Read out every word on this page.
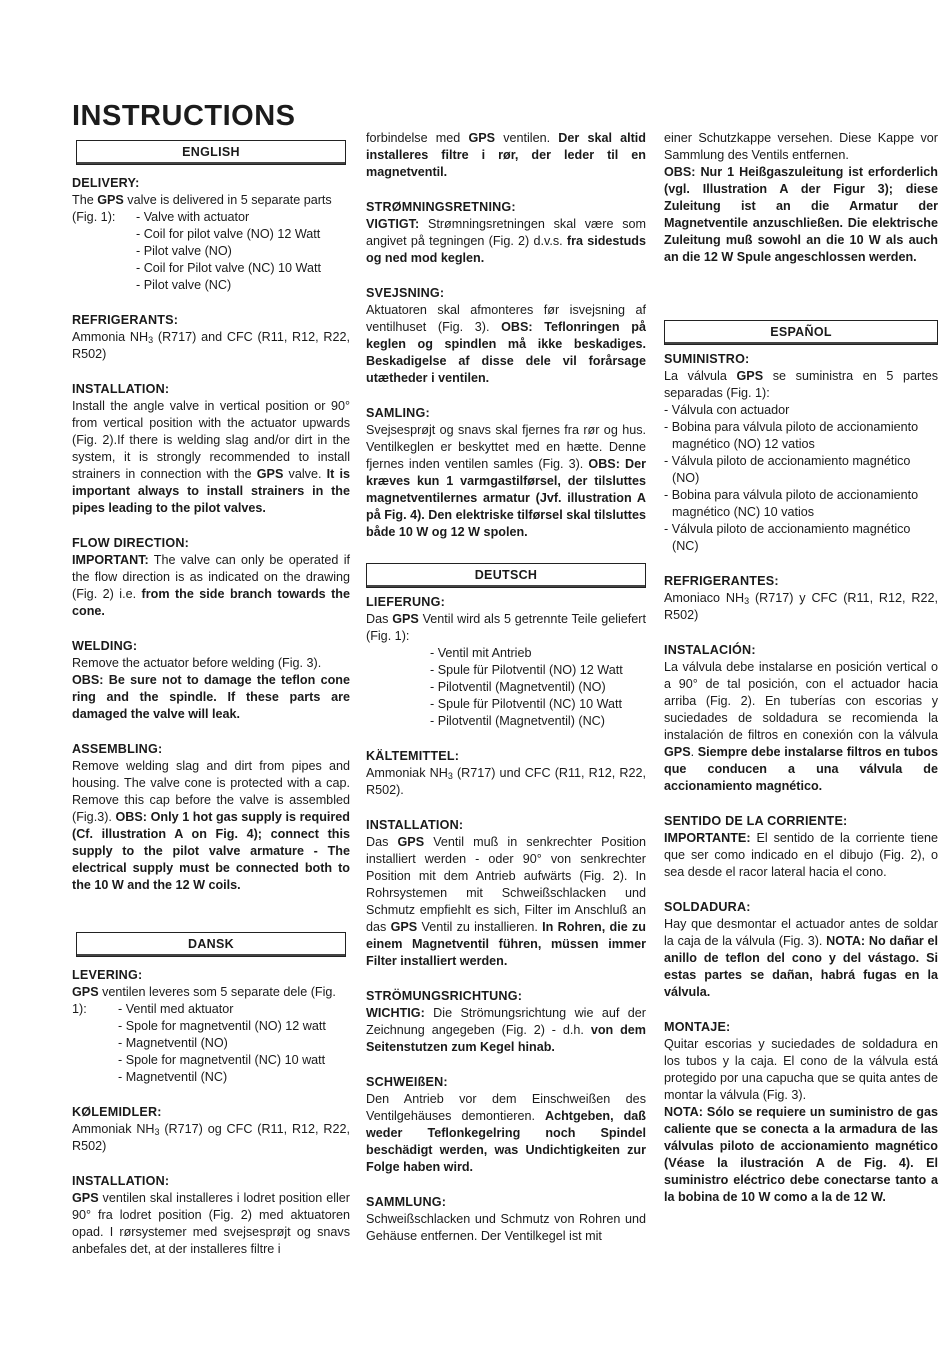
INSTRUCTIONS
ENGLISH

DELIVERY:

The GPS valve is delivered in 5 separate parts

(Fig. 1):	- Valve with actuator
- Coil for pilot valve (NO) 12 Watt
- Pilot valve (NO)
- Coil for Pilot valve (NC) 10 Watt
- Pilot valve (NC)

REFRIGERANTS:

Ammonia $NH_3$ (R717) and CFC (R11, R12, R22, R502)

INSTALLATION:

Install the angle valve in vertical position or 90° from vertical position with the actuator upwards (Fig. 2).If there is welding slag and/or dirt in the system, it is strongly recommended to install strainers in connection with the GPS valve. It is important always to install strainers in the pipes leading to the pilot valves.

FLOW DIRECTION:

IMPORTANT: The valve can only be operated if the flow direction is as indicated on the drawing (Fig. 2) i.e. from the side branch towards the cone.

WELDING:

Remove the actuator before welding (Fig. 3).

OBS: Be sure not to damage the teflon cone ring and the spindle. If these parts are damaged the valve will leak.

ASSEMBLING:

Remove welding slag and dirt from pipes and housing. The valve cone is protected with a cap. Remove this cap before the valve is assembled (Fig.3). OBS: Only 1 hot gas supply is required (Cf. illustration A on Fig. 4); connect this supply to the pilot valve armature - The electrical supply must be connected both to the 10 W and the 12 W coils.

DANSK

LEVERING:

GPS ventilen leveres som 5 separate dele (Fig.

1):	- Ventil med aktuator
- Spole for magnetventil (NO) 12 watt
- Magnetventil (NO)
- Spole for magnetventil (NC) 10 watt
- Magnetventil (NC)

KØLEMIDLER:

Ammoniak $NH_3$ (R717) og CFC (R11, R12, R22, R502)

INSTALLATION:

GPS ventilen skal installeres i lodret position eller 90° fra lodret position (Fig. 2) med aktuatoren opad. I rørsystemer med svejsesprøjt og snavs anbefales det, at der installeres filtre i

forbindelse med GPS ventilen. Der skal altid installeres filtre i rør, der leder til en magnetventil.

STRØMNINGSRETNING:

VIGTIGT: Strømningsretningen skal være som angivet på tegningen (Fig. 2) d.v.s. fra sidestuds og ned mod keglen.

SVEJSNING:

Aktuatoren skal afmonteres før isvejsning af ventilhuset (Fig. 3). OBS: Teflonringen på keglen og spindlen må ikke beskadiges. Beskadigelse af disse dele vil forårsage utætheder i ventilen.

SAMLING:

Svejsesprøjt og snavs skal fjernes fra rør og hus. Ventilkeglen er beskyttet med en hætte. Denne fjernes inden ventilen samles (Fig. 3). OBS: Der kræves kun 1 varmgastilførsel, der tilsluttes magnetventilernes armatur (Jvf. illustration A på Fig. 4). Den elektriske tilførsel skal tilsluttes både 10 W og 12 W spolen.

DEUTSCH

LIEFERUNG:

Das GPS Ventil wird als 5 getrennte Teile geliefert (Fig. 1):

- Ventil mit Antrieb
- Spule für Pilotventil (NO) 12 Watt
- Pilotventil (Magnetventil) (NO)
- Spule für Pilotventil (NC) 10 Watt
- Pilotventil (Magnetventil) (NC)

KÄLTEMITTEL:

Ammoniak $NH_3$ (R717) und CFC (R11, R12, R22, R502).

INSTALLATION:

Das GPS Ventil muß in senkrechter Position installiert werden - oder 90° von senkrechter Position mit dem Antrieb aufwärts (Fig. 2). In Rohrsystemen mit Schweißschlacken und Schmutz empfiehlt es sich, Filter im Anschluß an das GPS Ventil zu installieren. In Rohren, die zu einem Magnetventil führen, müssen immer Filter installiert werden.

STRÖMUNGSRICHTUNG:

WICHTIG: Die Strömungsrichtung wie auf der Zeichnung angegeben (Fig. 2) - d.h. von dem Seitenstutzen zum Kegel hinab.

SCHWEIßEN:

Den Antrieb vor dem Einschweißen des Ventilgehäuses demontieren. Achtgeben, daß weder Teflonkegelring noch Spindel beschädigt werden, was Undichtigkeiten zur Folge haben wird.

SAMMLUNG:

Schweißschlacken und Schmutz von Rohren und Gehäuse entfernen. Der Ventilkegel ist mit

einer Schutzkappe versehen. Diese Kappe vor Sammlung des Ventils entfernen.

OBS: Nur 1 Heißgaszuleitung ist erforderlich (vgl. Illustration A der Figur 3); diese Zuleitung ist an die Armatur der Magnetventile anzuschließen. Die elektrische Zuleitung muß sowohl an die 10 W als auch an die 12 W Spule angeschlossen werden.

ESPAÑOL

SUMINISTRO:

La válvula GPS se suministra en 5 partes separadas (Fig. 1):

- Válvula con actuador
- Bobina para válvula piloto de accionamiento magnético (NO) 12 vatios
- Válvula piloto de accionamiento magnético (NO)
- Bobina para válvula piloto de accionamiento magnético (NC) 10 vatios
- Válvula piloto de accionamiento magnético (NC)

REFRIGERANTES:

Amoniaco $NH_3$ (R717) y CFC (R11, R12, R22, R502)

INSTALACIÓN:

La válvula debe instalarse en posición vertical o a 90° de tal posición, con el actuador hacia arriba (Fig. 2). En tuberías con escorias y suciedades de soldadura se recomienda la instalación de filtros en conexión con la válvula GPS. Siempre debe instalarse filtros en tubos que conducen a una válvula de accionamiento magnético.

SENTIDO DE LA CORRIENTE:

IMPORTANTE: El sentido de la corriente tiene que ser como indicado en el dibujo (Fig. 2), o sea desde el racor lateral hacia el cono.

SOLDADURA:

Hay que desmontar el actuador antes de soldar la caja de la válvula (Fig. 3). NOTA: No dañar el anillo de teflon del cono y del vástago. Si estas partes se dañan, habrá fugas en la válvula.

MONTAJE:

Quitar escorias y suciedades de soldadura en los tubos y la caja. El cono de la válvula está protegido por una capucha que se quita antes de montar la válvula (Fig. 3).

NOTA: Sólo se requiere un suministro de gas caliente que se conecta a la armadura de las válvulas piloto de accionamiento magnético (Véase la ilustración A de Fig. 4). El suministro eléctrico debe conectarse tanto a la bobina de 10 W como a la de 12 W.
